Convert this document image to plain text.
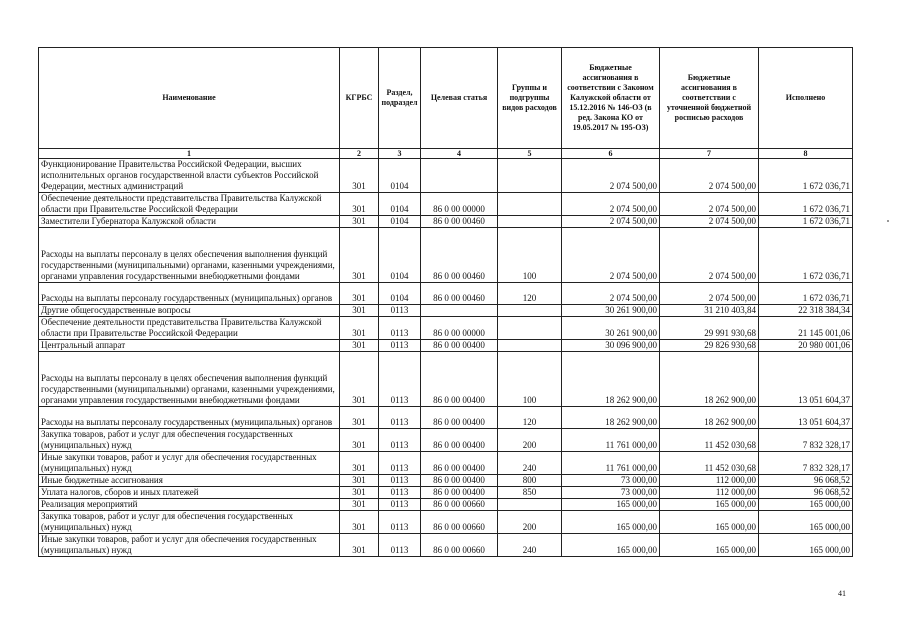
Наименование	КГРБС	Раздел, подраздел	Целевая статья	Группы и подгруппы видов расходов	Бюджетные ассигнования в соответствии с Законом Калужской области от 15.12.2016 № 146-ОЗ (в ред. Закона КО от 19.05.2017 № 195-ОЗ)	Бюджетные ассигнования в соответствии с уточненной бюджетной росписью расходов	Исполнено
1	2	3	4	5	6	7	8
Функционирование Правительства Российской Федерации, высших исполнительных органов государственной власти субъектов Российской Федерации, местных администраций	301	0104			2 074 500,00	2 074 500,00	1 672 036,71
Обеспечение деятельности представительства Правительства Калужской области при Правительстве Российской Федерации	301	0104	86 0 00 00000		2 074 500,00	2 074 500,00	1 672 036,71
Заместители Губернатора Калужской области	301	0104	86 0 00 00460		2 074 500,00	2 074 500,00	1 672 036,71
Расходы на выплаты персоналу в целях обеспечения выполнения функций государственными (муниципальными) органами, казенными учреждениями, органами управления государственными внебюджетными фондами	301	0104	86 0 00 00460	100	2 074 500,00	2 074 500,00	1 672 036,71
Расходы на выплаты персоналу государственных (муниципальных) органов	301	0104	86 0 00 00460	120	2 074 500,00	2 074 500,00	1 672 036,71
Другие общегосударственные вопросы	301	0113			30 261 900,00	31 210 403,84	22 318 384,34
Обеспечение деятельности представительства Правительства Калужской области при Правительстве Российской Федерации	301	0113	86 0 00 00000		30 261 900,00	29 991 930,68	21 145 001,06
Центральный аппарат	301	0113	86 0 00 00400		30 096 900,00	29 826 930,68	20 980 001,06
Расходы на выплаты персоналу в целях обеспечения выполнения функций государственными (муниципальными) органами, казенными учреждениями, органами управления государственными внебюджетными фондами	301	0113	86 0 00 00400	100	18 262 900,00	18 262 900,00	13 051 604,37
Расходы на выплаты персоналу государственных (муниципальных) органов	301	0113	86 0 00 00400	120	18 262 900,00	18 262 900,00	13 051 604,37
Закупка товаров, работ и услуг для обеспечения государственных (муниципальных) нужд	301	0113	86 0 00 00400	200	11 761 000,00	11 452 030,68	7 832 328,17
Иные закупки товаров, работ и услуг для обеспечения государственных (муниципальных) нужд	301	0113	86 0 00 00400	240	11 761 000,00	11 452 030,68	7 832 328,17
Иные бюджетные ассигнования	301	0113	86 0 00 00400	800	73 000,00	112 000,00	96 068,52
Уплата налогов, сборов и иных платежей	301	0113	86 0 00 00400	850	73 000,00	112 000,00	96 068,52
Реализация мероприятий	301	0113	86 0 00 00660		165 000,00	165 000,00	165 000,00
Закупка товаров, работ и услуг для обеспечения государственных (муниципальных) нужд	301	0113	86 0 00 00660	200	165 000,00	165 000,00	165 000,00
Иные закупки товаров, работ и услуг для обеспечения государственных (муниципальных) нужд	301	0113	86 0 00 00660	240	165 000,00	165 000,00	165 000,00
41
